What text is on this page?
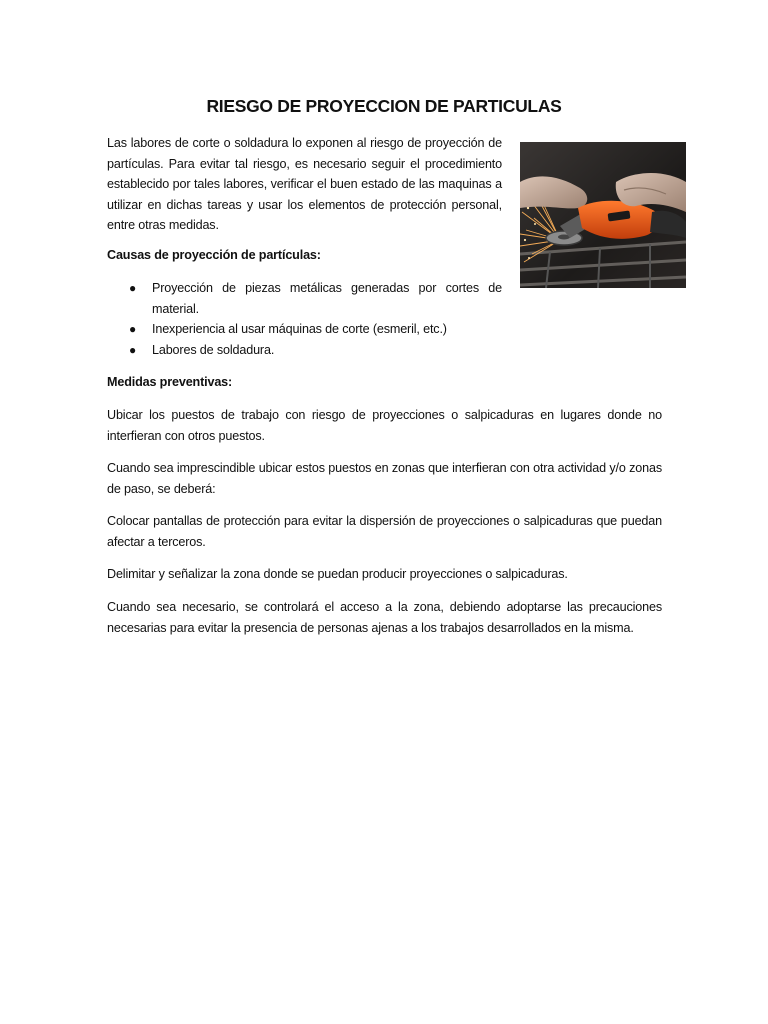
RIESGO DE PROYECCION DE PARTICULAS

Las labores de corte o soldadura lo exponen al riesgo de proyección de partículas. Para evitar tal riesgo, es necesario seguir el procedimiento establecido por tales labores, verificar el buen estado de las maquinas a utilizar en dichas tareas y usar los elementos de protección personal, entre otras medidas.

Causas de proyección de partículas:

● Proyección de piezas metálicas generadas por cortes de material.
● Inexperiencia al usar máquinas de corte (esmeril, etc.)
● Labores de soldadura.

Medidas preventivas:

Ubicar los puestos de trabajo con riesgo de proyecciones o salpicaduras en lugares donde no interfieran con otros puestos.

Cuando sea imprescindible ubicar estos puestos en zonas que interfieran con otra actividad y/o zonas de paso, se deberá:

Colocar pantallas de protección para evitar la dispersión de proyecciones o salpicaduras que puedan afectar a terceros.

Delimitar y señalizar la zona donde se puedan producir proyecciones o salpicaduras.

Cuando sea necesario, se controlará el acceso a la zona, debiendo adoptarse las precauciones necesarias para evitar la presencia de personas ajenas a los trabajos desarrollados en la misma.
